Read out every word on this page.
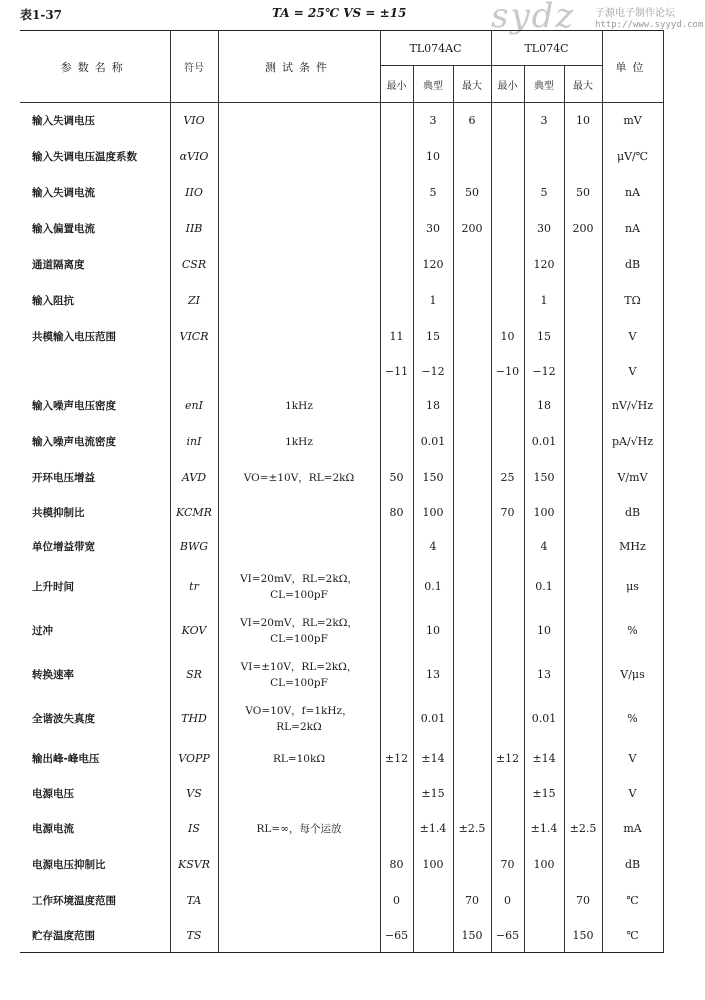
表1-37	TA = 25℃ VS = ±15 sydz 子源电子制作论坛
http://www.syyyd.com
参数名称	符号	测试条件	TL074AC			TL074C			单位
			最小	典型	最大	最小	典型	最大	
输入失调电压	VIO			3	6		3	10	mV
输入失调电压温度系数	αVIO			10					μV/℃
输入失调电流	IIO			5	50		5	50	nA
输入偏置电流	IIB			30	200		30	200	nA
通道隔离度	CSR			120			120		dB
输入阻抗	ZI			1			1		TΩ
共模输入电压范围	VICR		11	15		10	15		V
			−11	−12		−10	−12		V
输入噪声电压密度	enI	1kHz		18			18		nV/√Hz
输入噪声电流密度	inI	1kHz		0.01			0.01		pA/√Hz
开环电压增益	AVD	VO=±10V，RL=2kΩ	50	150		25	150		V/mV
共模抑制比	KCMR		80	100		70	100		dB
单位增益带宽	BWG			4			4		MHz
上升时间	tr	VI=20mV，RL=2kΩ，
CL=100pF		0.1			0.1		μs
过冲	KOV	VI=20mV，RL=2kΩ，
CL=100pF		10			10		%
转换速率	SR	VI=±10V，RL=2kΩ，
CL=100pF		13			13		V/μs
全谐波失真度	THD	VO=10V，f=1kHz，
RL=2kΩ		0.01			0.01		%
输出峰-峰电压	VOPP	RL=10kΩ	±12	±14		±12	±14		V
电源电压	VS			±15			±15		V
电源电流	IS	RL=∞，每个运放		±1.4	±2.5		±1.4	±2.5	mA
电源电压抑制比	KSVR		80	100		70	100		dB
工作环境温度范围	TA		0		70	0		70	℃
贮存温度范围	TS		−65		150	−65		150	℃
